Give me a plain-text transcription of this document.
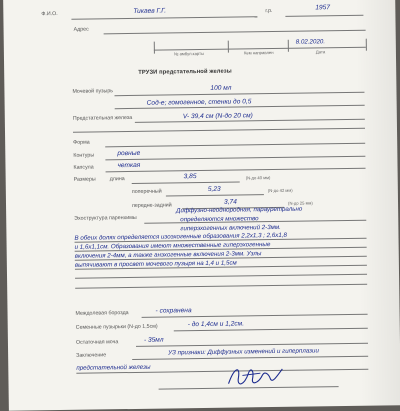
Ф.И.О.	Тикаев Г.Г.	г.р.	1957
Адрес
8.02.2020.
№ амбул.карты	Кем направлен	Дата
ТРУЗИ предстательной железы
Мочевой пузырь	100 мл
Сод-е; гомогенное, стенки до 0,5
Предстательная железа	V- 39,4 см (N-до 20 см)
Форма
Контуры	ровные
Капсула	четкая
Размеры	длина	3,85	(N-до 40 мм)
поперечный	5,23	(N-до 42 мм)
передне-задний
3,74	(N-до 25 мм)
Эхоструктура паренхимы
Диффузно-неоднородная, парауретрально
определяются множество
гиперэхогенных включений 2-3мм.
В обеих долях определяется изоэхогенные образования 2,2х1,3 ; 2,6х1,8
и 1,6х1,1см. Образования имеют множественные гиперэхогенные
включения 2-4мм, а также анэхогенные включения 2-3мм. Узлы
выпячивают в просвет мочевого пузыря на 1,4 и 1,5см
Междолевая борозда	- сохранена
Семенные пузырьки (N-до 1,5см)	- до 1,4см и 1,2см.
Остаточная моча	- 35мл
Заключение	УЗ признаки: Диффузных изменений и гиперплазии
предстательной железы
